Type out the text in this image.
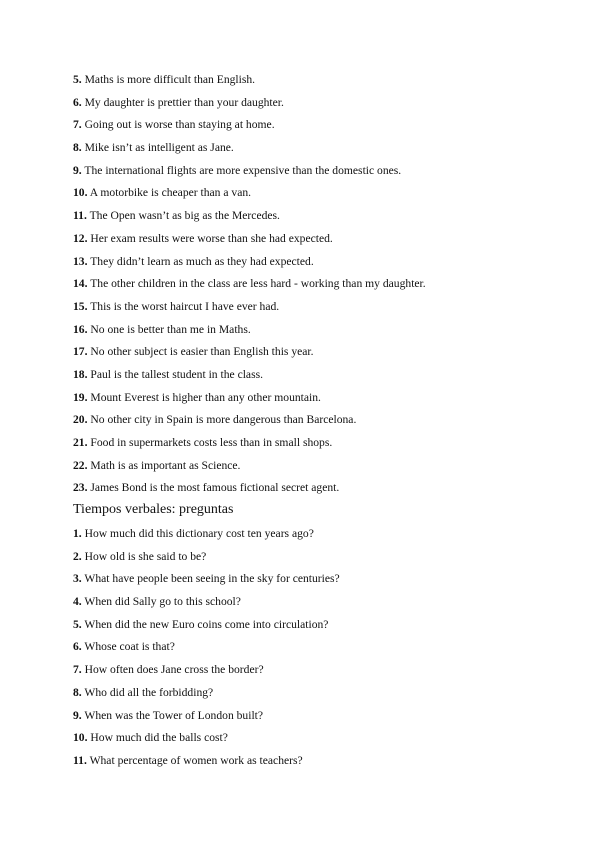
5. Maths is more difficult than English.
6. My daughter is prettier than your daughter.
7. Going out is worse than staying at home.
8. Mike isn’t as intelligent as Jane.
9. The international flights are more expensive than the domestic ones.
10. A motorbike is cheaper than a van.
11. The Open wasn’t as big as the Mercedes.
12. Her exam results were worse than she had expected.
13. They didn’t learn as much as they had expected.
14. The other children in the class are less hard - working than my daughter.
15. This is the worst haircut I have ever had.
16. No one is better than me in Maths.
17. No other subject is easier than English this year.
18. Paul is the tallest student in the class.
19. Mount Everest is higher than any other mountain.
20. No other city in Spain is more dangerous than Barcelona.
21. Food in supermarkets costs less than in small shops.
22. Math is as important as Science.
23. James Bond is the most famous fictional secret agent.
Tiempos verbales: preguntas
1. How much did this dictionary cost ten years ago?
2. How old is she said to be?
3. What have people been seeing in the sky for centuries?
4. When did Sally go to this school?
5. When did the new Euro coins come into circulation?
6. Whose coat is that?
7. How often does Jane cross the border?
8. Who did all the forbidding?
9. When was the Tower of London built?
10. How much did the balls cost?
11. What percentage of women work as teachers?
